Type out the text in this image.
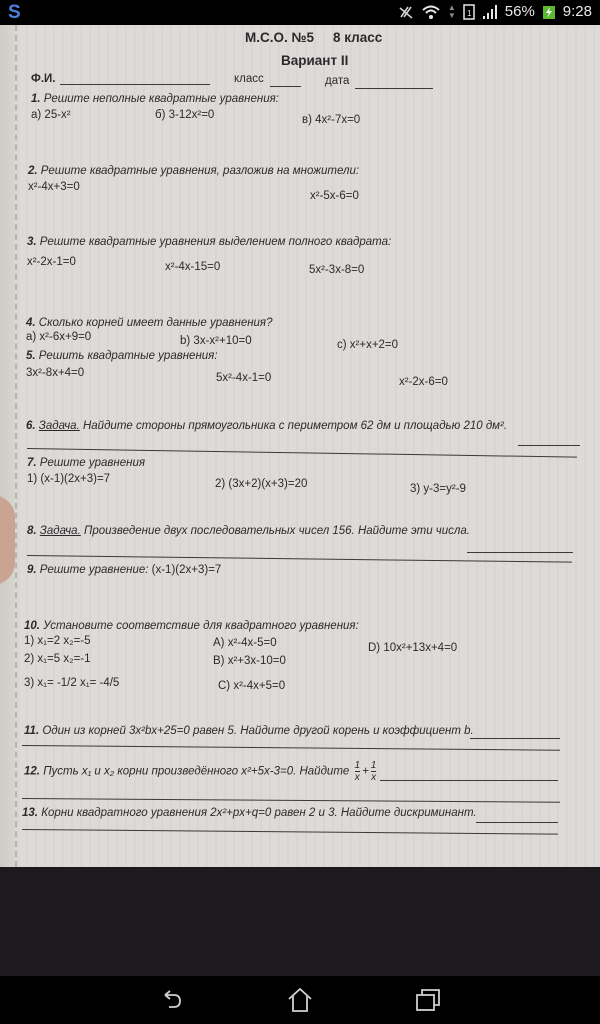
S	▲
▼ 1 56% 9:28
М.С.О. №5 8 класс
Вариант II
Ф.И.	класс	дата
1. Решите неполные квадратные уравнения:
а) 25-x²	б) 3-12x²=0	в) 4x²-7x=0
2. Решите квадратные уравнения, разложив на множители:
x²-4x+3=0
x²-5x-6=0
3. Решите квадратные уравнения выделением полного квадрата:
x²-2x-1=0	x²-4x-15=0	5x²-3x-8=0
4. Сколько корней имеет данные уравнения?
a) x²-6x+9=0	b) 3x-x²+10=0	c) x²+x+2=0
5. Решить квадратные уравнения:
3x²-8x+4=0	5x²-4x-1=0	x²-2x-6=0
6. Задача. Найдите стороны прямоугольника с периметром 62 дм и площадью 210 дм².
7. Решите уравнения
1) (x-1)(2x+3)=7	2) (3x+2)(x+3)=20	3) y-3=y²-9
8. Задача. Произведение двух последовательных чисел 156. Найдите эти числа.
9. Решите уравнение: (x-1)(2x+3)=7
10. Установите соответствие для квадратного уравнения:
1) x₁=2 x₂=-5
2) x₁=5 x₂=-1
3) x₁= -1/2 x₁= -4/5
A) x²-4x-5=0
B) x²+3x-10=0
C) x²-4x+5=0
D) 10x²+13x+4=0
11. Один из корней 3x²bx+25=0 равен 5. Найдите другой корень и коэффициент b.
12. Пусть x₁ и x₂ корни произведённого x²+5x-3=0. Найдите $\frac{1}{x} + \frac{1}{x}$
13. Корни квадратного уравнения 2x²+px+q=0 равен 2 и 3. Найдите дискриминант.
